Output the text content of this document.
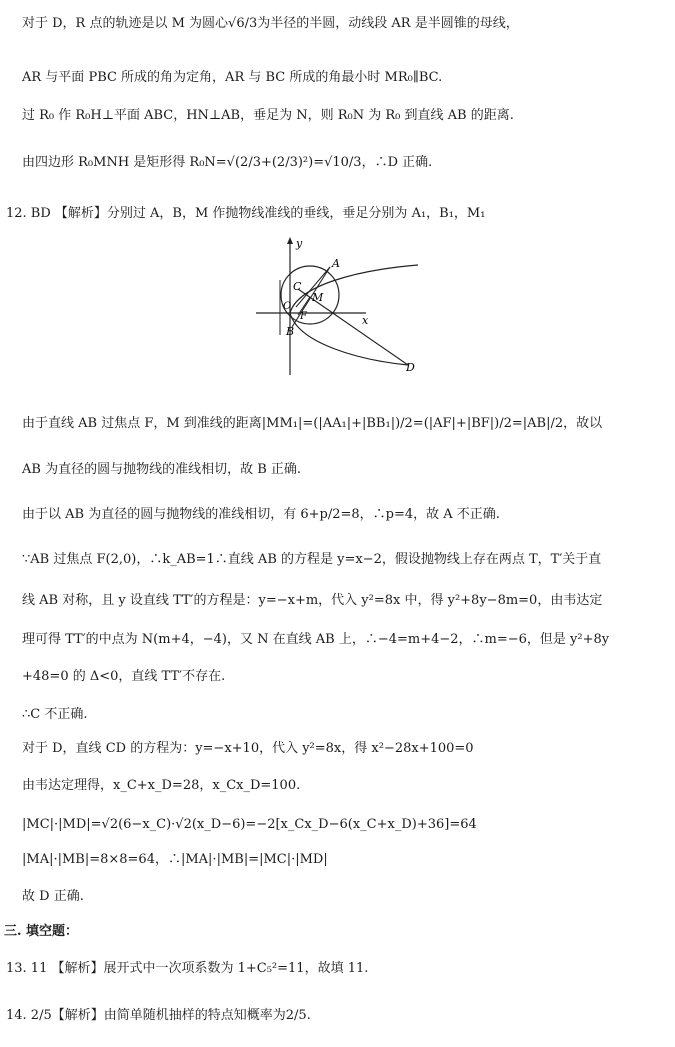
对于 D，R 点的轨迹是以 M 为圆心√6/3为半径的半圆，动线段 AR 是半圆锥的母线，
AR 与平面 PBC 所成的角为定角，AR 与 BC 所成的角最小时 MR₀∥BC.
过 R₀ 作 R₀H⊥平面 ABC，HN⊥AB，垂足为 N，则 R₀N 为 R₀ 到直线 AB 的距离.
由四边形 R₀MNH 是矩形得 R₀N=√(2/3+(2/3)²)=√10/3，∴D 正确.
12. BD 【解析】分别过 A，B，M 作抛物线准线的垂线，垂足分别为 A₁，B₁，M₁
y
x
A
C
M
O
F
B
D
由于直线 AB 过焦点 F，M 到准线的距离|MM₁|=(|AA₁|+|BB₁|)/2=(|AF|+|BF|)/2=|AB|/2，故以
AB 为直径的圆与抛物线的准线相切，故 B 正确.
由于以 AB 为直径的圆与抛物线的准线相切，有 6+p/2=8，∴p=4，故 A 不正确.
∵AB 过焦点 F(2,0)，∴k_AB=1∴直线 AB 的方程是 y=x−2，假设抛物线上存在两点 T，T′关于直
线 AB 对称，且 y 设直线 TT′的方程是：y=−x+m，代入 y²=8x 中，得 y²+8y−8m=0，由韦达定
理可得 TT′的中点为 N(m+4，−4)，又 N 在直线 AB 上，∴−4=m+4−2，∴m=−6，但是 y²+8y
+48=0 的 Δ<0，直线 TT′不存在.
∴C 不正确.
对于 D，直线 CD 的方程为：y=−x+10，代入 y²=8x，得 x²−28x+100=0
由韦达定理得，x_C+x_D=28，x_Cx_D=100.
|MC|·|MD|=√2(6−x_C)·√2(x_D−6)=−2[x_Cx_D−6(x_C+x_D)+36]=64
|MA|·|MB|=8×8=64，∴|MA|·|MB|=|MC|·|MD|
故 D 正确.
三. 填空题：
13. 11 【解析】展开式中一次项系数为 1+C₅²=11，故填 11.
14. 2/5【解析】由简单随机抽样的特点知概率为2/5.
